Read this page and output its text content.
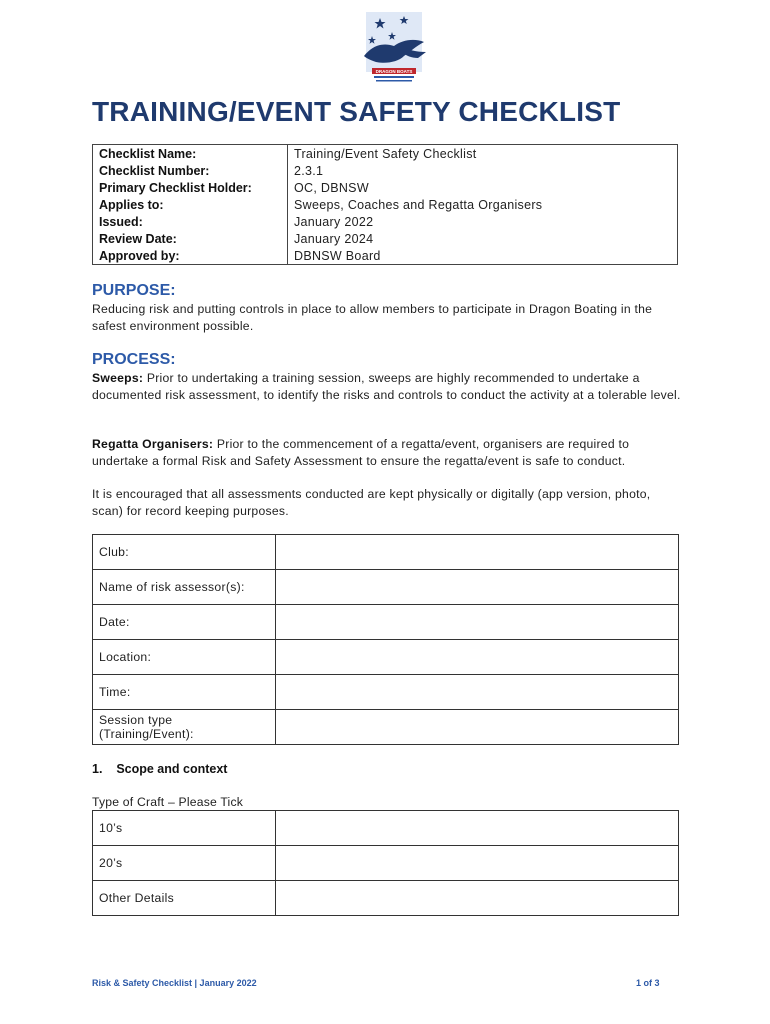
DRAGON BOATS
TRAINING/EVENT SAFETY CHECKLIST
Checklist Name:	Training/Event Safety Checklist
Checklist Number:	2.3.1
Primary Checklist Holder:	OC, DBNSW
Applies to:	Sweeps, Coaches and Regatta Organisers
Issued:	January 2022
Review Date:	January 2024
Approved by:	DBNSW Board
PURPOSE:

Reducing risk and putting controls in place to allow members to participate in Dragon Boating in the safest environment possible.

PROCESS:

Sweeps: Prior to undertaking a training session, sweeps are highly recommended to undertake a documented risk assessment, to identify the risks and controls to conduct the activity at a tolerable level.

Regatta Organisers: Prior to the commencement of a regatta/event, organisers are required to undertake a formal Risk and Safety Assessment to ensure the regatta/event is safe to conduct.

It is encouraged that all assessments conducted are kept physically or digitally (app version, photo, scan) for record keeping purposes.

Club:	
Name of risk assessor(s):	
Date:	
Location:	
Time:	
Session type (Training/Event):	

1.    Scope and context

Type of Craft – Please Tick

10’s	
20’s	
Other Details	
Risk & Safety Checklist | January 2022	1 of 3
